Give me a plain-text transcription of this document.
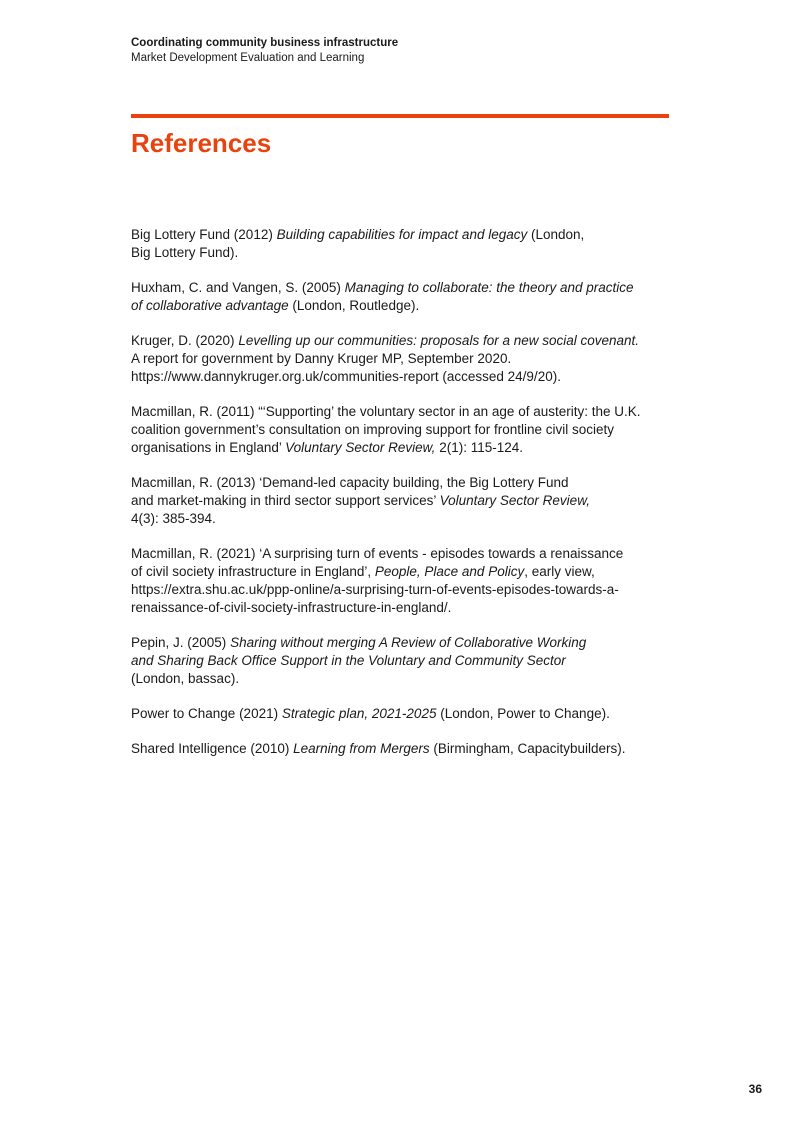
Coordinating community business infrastructure
Market Development Evaluation and Learning
References

Big Lottery Fund (2012) Building capabilities for impact and legacy (London,
Big Lottery Fund).

Huxham, C. and Vangen, S. (2005) Managing to collaborate: the theory and practice
of collaborative advantage (London, Routledge).

Kruger, D. (2020) Levelling up our communities: proposals for a new social covenant.
A report for government by Danny Kruger MP, September 2020.
https://www.dannykruger.org.uk/communities-report (accessed 24/9/20).

Macmillan, R. (2011) “‘Supporting’ the voluntary sector in an age of austerity: the U.K.
coalition government’s consultation on improving support for frontline civil society
organisations in England’ Voluntary Sector Review, 2(1): 115-124.

Macmillan, R. (2013) ‘Demand-led capacity building, the Big Lottery Fund
and market-making in third sector support services’ Voluntary Sector Review,
4(3): 385-394.

Macmillan, R. (2021) ‘A surprising turn of events - episodes towards a renaissance
of civil society infrastructure in England’, People, Place and Policy, early view,
https://extra.shu.ac.uk/ppp-online/a-surprising-turn-of-events-episodes-towards-a-
renaissance-of-civil-society-infrastructure-in-england/.

Pepin, J. (2005) Sharing without merging A Review of Collaborative Working
and Sharing Back Office Support in the Voluntary and Community Sector
(London, bassac).

Power to Change (2021) Strategic plan, 2021-2025 (London, Power to Change).

Shared Intelligence (2010) Learning from Mergers (Birmingham, Capacitybuilders).

36
